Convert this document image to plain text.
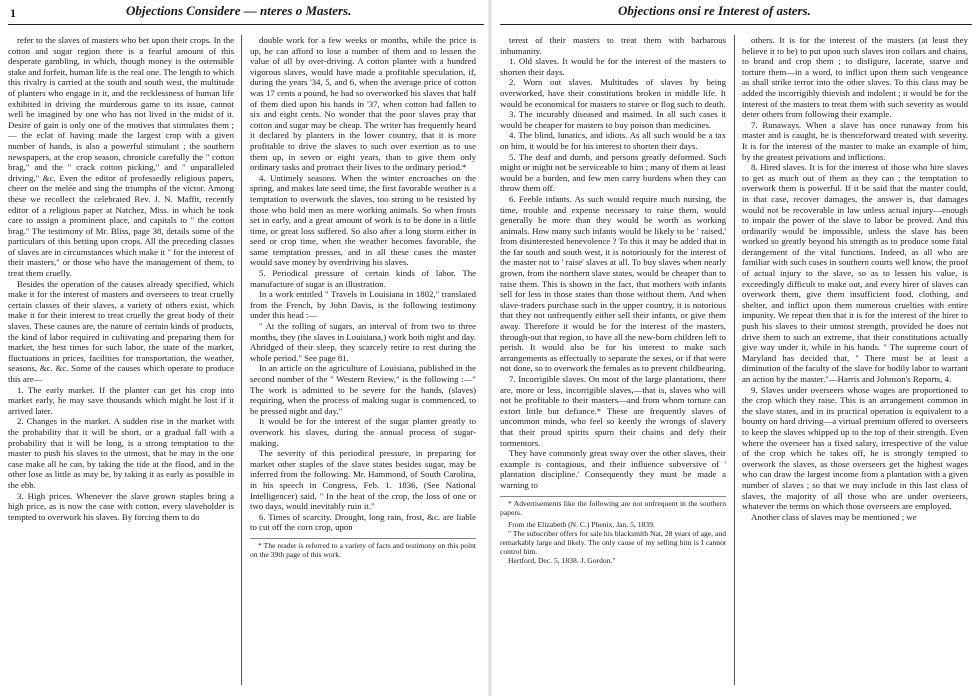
1	Objections Considere — nteres o Masters.

refer to the slaves of masters who bet upon their crops. In the cotton and sugar region there is a fearful amount of this desperate gambling, in which, though money is the ostensible stake and forfeit, human life is the real one. The length to which this rivalry is carried at the south and south west, the multitude of planters who engage in it, and the recklessness of human life exhibited in driving the murderous game to its issue, cannot well be imagined by one who has not lived in the midst of it. Desire of gain is only one of the motives that stimulates them ;— the eclat of having made the largest crop with a given number of hands, is also a powerful stimulant ; the southern newspapers, at the crop season, chronicle carefully the " cotton brag," and the " crack cotton picking," and " unparalleled driving," &c. Even the editor of professedly religious papers, cheer on the melée and sing the triumphs of the victor. Among these we recollect the celebrated Rev. J. N. Maffit, recently editor of a religious paper at Natchez, Miss. in which he took care to assign a prominent place, and capitals to " the cotton brag." The testimony of Mr. Bliss, page 38, details some of the particulars of this betting upon crops. All the preceding classes of slaves are in circumstances which make it " for the interest of their masters," or those who have the management of them, to treat them cruelly.

Besides the operation of the causes already specified, which make it for the interest of masters and overseers to treat cruelly certain classes of their slaves, a variety of others exist, which make it for their interest to treat cruelly the great body of their slaves. These causes are, the nature of certain kinds of products, the kind of labor required in cultivating and preparing them for market, the best times for such labor, the state of the market, fluctuations in prices, facilities for transportation, the weather, seasons, &c. &c. Some of the causes which operate to produce this are—

1. The early market. If the planter can get his crop into market early, he may save thousands which might be lost if it arrived later.

2. Changes in the market. A sudden rise in the market with the probability that it will be short, or a gradual fall with a probability that it will be long, is a strong temptation to the master to push his slaves to the utmost, that he may in the one case make all he can, by taking the tide at the flood, and in the other lose as little as may be, by taking it as early as possible in the ebb.

3. High prices. Whenever the slave grown staples bring a high price, as is now the case with cotton, every slaveholder is tempted to overwork his slaves. By forcing them to do

double work for a few weeks or months, while the price is up, he can afford to lose a number of them and to lessen the value of all by over-driving. A cotton planter with a hundred vigorous slaves, would have made a profitable speculation, if, during the years '34, 5, and 6, when the average price of cotton was 17 cents a pound, he had so overworked his slaves that half of them died upon his hands in '37, when cotton had fallen to six and eight cents. No wonder that the poor slaves pray that cotton and sugar may be cheap. The writer has frequently heard it declared by planters in the lower country, that it is more profitable to drive the slaves to such over exertion as to use them up, in seven or eight years, than to give them only ordinary tasks and protract their lives to the ordinary period.*

4. Untimely seasons. When the winter encroaches on the spring, and makes late seed time, the first favorable weather is a temptation to overwork the slaves, too strong to be resisted by those who hold men as mere working animals. So when frosts set in early, and a great amount of work is to be done in a little time, or great loss suffered. So also after a long storm either in seed or crop time, when the weather becomes favorable, the same temptation presses, and in all these cases the master would save money by overdriving his slaves.

5. Periodical pressure of certain kinds of labor. The manufacture of sugar is an illustration.

In a work entitled " Travels in Louisiana in 1802," translated from the French, by John Davis, is the following testimony under this head :—

" At the rolling of sugars, an interval of from two to three months, they (the slaves in Louisiana,) work both night and day. Abridged of their sleep, they scarcely retire to rest during the whole period." See page 81.

In an article on the agriculture of Louisiana, published in the second number of the " Western Review," is the following :—" The work is admitted to be severe for the hands, (slaves) requiring, when the process of making sugar is commenced, to be pressed night and day."

It would be for the interest of the sugar planter greatly to overwork his slaves, during the annual process of sugar-making.

The severity of this periodical pressure, in preparing for market other staples of the slave states besides sugar, may be inferred from the following. Mr. Hammond, of South Carolina, in his speech in Congress, Feb. 1. 1836, (See National Intelligencer) said, " In the heat of the crop, the loss of one or two days, would inevitably ruin it."

6. Times of scarcity. Drought, long rain, frost, &c. are liable to cut off the corn crop, upon

* The reader is referred to a variety of facts and testimony on this point on the 39th page of this work.

Objections onsi re Interest of asters.

terest of their masters to treat them with barbarous inhumanity.

1. Old slaves. It would be for the interest of the masters to shorten their days.

2. Worn out slaves. Multitudes of slaves by being overworked, have their constitutions broken in middle life. It would be economical for masters to starve or flog such to death.

3. The incurably diseased and maimed. In all such cases it would be cheaper for masters to buy poison than medicines.

4. The blind, lunatics, and idiots. As all such would be a tax on him, it would be for his interest to shorten their days.

5. The deaf and dumb, and persons greatly deformed. Such might or might not be serviceable to him ; many of them at least would be a burden, and few men carry burdens when they can throw them off.

6. Feeble infants. As such would require much nursing, the time, trouble and expense necessary to raise them, would generally be more than they would be worth as working animals. How many such infants would be likely to be ' raised,' from disinterested benevolence ? To this it may be added that in the far south and south west, it is notoriously for the interest of the master not to ' raise' slaves at all. To buy slaves when nearly grown, from the northern slave states, would be cheaper than to raise them. This is shown in the fact, that mothers with infants sell for less in those states than those without them. And when slave-traders purchase such in the upper country, it is notorious that they not unfrequently either sell their infants, or give them away. Therefore it would be for the interest of the masters, through-out that region, to have all the new-born children left to perish. It would also be for his interest to make such arrangements as effectually to separate the sexes, or if that were not done, so to overwork the females as to prevent childbearing.

7. Incorrigible slaves. On most of the large plantations, there are, more or less, incorrigible slaves,—that is, slaves who will not be profitable to their masters—and from whom torture can extort little but defiance.* These are frequently slaves of uncommon minds, who feel so keenly the wrongs of slavery that their proud spirits spurn their chains and defy their tormentors.

They have commonly great sway over the other slaves, their example is contagious, and their influence subversive of ' plantation discipline.' Consequently they must be made a warning to

* Advertisements like the following are not unfrequent in the southern papers.

From the Elizabeth (N. C.) Phenix, Jan. 5, 1839.

" The subscriber offers for sale his blacksmith Nat, 28 years of age, and remarkably large and likely. The only cause of my selling him is I cannot control him.

Hertford, Dec. 5, 1838. J. Gordon."

others. It is for the interest of the masters (at least they believe it to be) to put upon such slaves iron collars and chains, to brand and crop them ; to disfigure, lacerate, starve and torture them—in a word, to inflict upon them such vengeance as shall strike terror into the other slaves. To this class may be added the incorrigibly thievish and indolent ; it would be for the interest of the masters to treat them with such severity as would deter others from following their example.

7. Runaways. When a slave has once runaway from his master and is caught, he is thenceforward treated with severity. It is for the interest of the master to make an example of him, by the greatest privations and inflictions.

8. Hired slaves. It is for the interest of those who hire slaves to get as much out of them as they can ; the temptation to overwork them is powerful. If it be said that the master could, in that case, recover damages, the answer is, that damages would not be recoverable in law unless actual injury—enough to impair the power of the slave to labor be proved. And this ordinarily would be impossible, unless the slave has been worked so greatly beyond his strength as to produce some fatal derangement of the vital functions. Indeed, as all who are familiar with such cases in southern courts well know, the proof of actual injury to the slave, so as to lessen his value, is exceedingly difficult to make out, and every hirer of slaves can overwork them, give them insufficient food, clothing, and shelter, and inflict upon them numerous cruelties with entire impunity. We repeat then that it is for the interest of the hirer to push his slaves to their utmost strength, provided he does not drive them to such an extreme, that their constitutions actually give way under it, while in his hands. " The supreme court of Maryland has decided that, " There must be at least a diminution of the faculty of the slave for bodily labor to warrant an action by the master."—Harris and Johnson's Reports, 4.

9. Slaves under overseers whose wages are proportioned to the crop which they raise. This is an arrangement common in the slave states, and in its practical operation is equivalent to a bounty on hard driving—a virtual premium offered to overseers to keep the slaves whipped up to the top of their strength. Even where the overseer has a fixed salary, irrespective of the value of the crop which he takes off, he is strongly tempted to overwork the slaves, as those overseers get the highest wages who can draw the largest income from a plantation with a given number of slaves ; so that we may include in this last class of slaves, the majority of all those who are under overseers, whatever the terms on which those overseers are employed.

Another class of slaves may be mentioned ; we
